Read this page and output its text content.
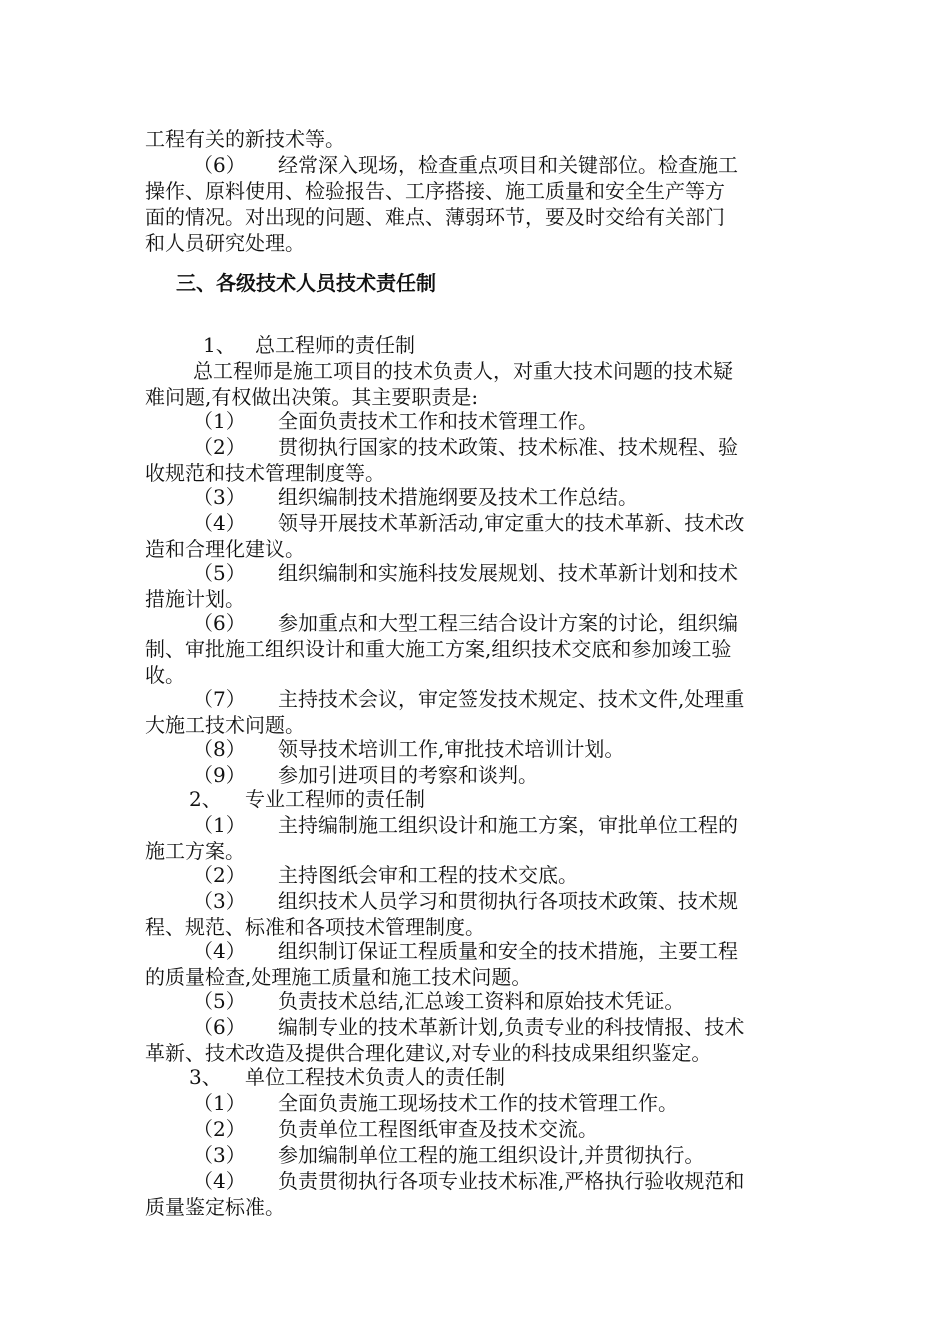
工程有关的新技术等。
（6） 经常深入现场，检查重点项目和关键部位。检查施工
操作、原料使用、检验报告、工序搭接、施工质量和安全生产等方
面的情况。对出现的问题、难点、薄弱环节，要及时交给有关部门
和人员研究处理。
三、各级技术人员技术责任制
1、 总工程师的责任制
总工程师是施工项目的技术负责人，对重大技术问题的技术疑
难问题,有权做出决策。其主要职责是:
（1） 全面负责技术工作和技术管理工作。
（2） 贯彻执行国家的技术政策、技术标准、技术规程、验
收规范和技术管理制度等。
（3） 组织编制技术措施纲要及技术工作总结。
（4） 领导开展技术革新活动,审定重大的技术革新、技术改
造和合理化建议。
（5） 组织编制和实施科技发展规划、技术革新计划和技术
措施计划。
（6） 参加重点和大型工程三结合设计方案的讨论，组织编
制、审批施工组织设计和重大施工方案,组织技术交底和参加竣工验
收。
（7） 主持技术会议，审定签发技术规定、技术文件,处理重
大施工技术问题。
（8） 领导技术培训工作,审批技术培训计划。
（9） 参加引进项目的考察和谈判。
2、 专业工程师的责任制
（1） 主持编制施工组织设计和施工方案，审批单位工程的
施工方案。
（2） 主持图纸会审和工程的技术交底。
（3） 组织技术人员学习和贯彻执行各项技术政策、技术规
程、规范、标准和各项技术管理制度。
（4） 组织制订保证工程质量和安全的技术措施，主要工程
的质量检查,处理施工质量和施工技术问题。
（5） 负责技术总结,汇总竣工资料和原始技术凭证。
（6） 编制专业的技术革新计划,负责专业的科技情报、技术
革新、技术改造及提供合理化建议,对专业的科技成果组织鉴定。
3、 单位工程技术负责人的责任制
（1） 全面负责施工现场技术工作的技术管理工作。
（2） 负责单位工程图纸审查及技术交流。
（3） 参加编制单位工程的施工组织设计,并贯彻执行。
（4） 负责贯彻执行各项专业技术标准,严格执行验收规范和
质量鉴定标准。
